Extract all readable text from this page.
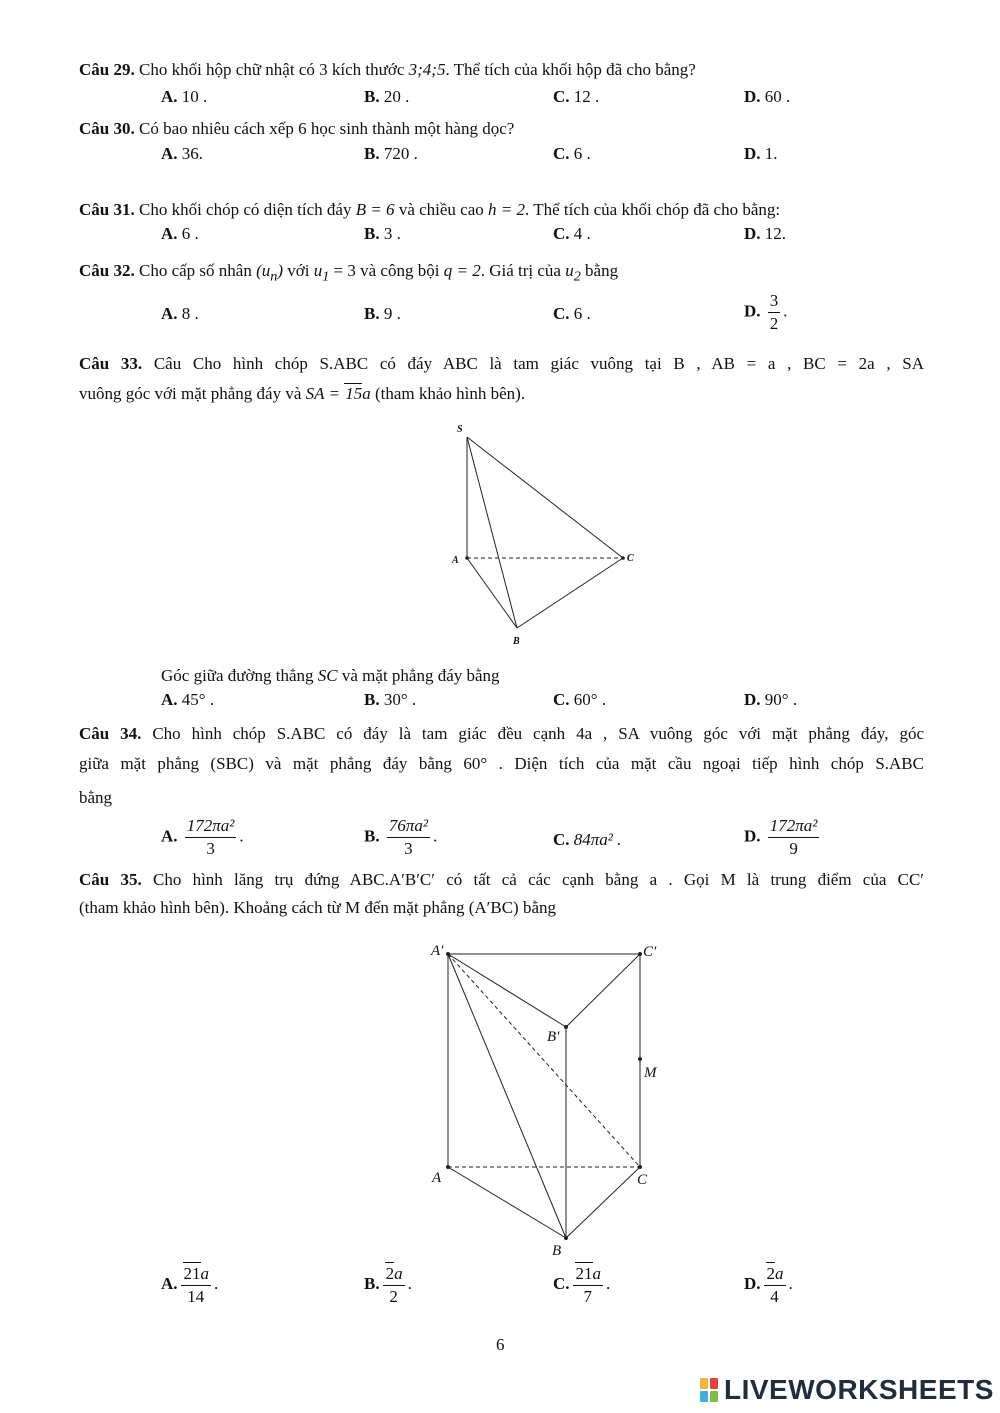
Câu 29. Cho khối hộp chữ nhật có 3 kích thước 3;4;5. Thể tích của khối hộp đã cho bằng?
A. 10 .	B. 20 .	C. 12 .	D. 60 .
Câu 30. Có bao nhiêu cách xếp 6 học sinh thành một hàng dọc?
A. 36.	B. 720 .	C. 6 .	D. 1.
Câu 31. Cho khối chóp có diện tích đáy B = 6 và chiều cao h = 2. Thể tích của khối chóp đã cho bằng:
A. 6 .	B. 3 .	C. 4 .	D. 12.
Câu 32. Cho cấp số nhân $(u_n)$ với $u_1 = 3$ và công bội q = 2. Giá trị của $u_2$ bằng
A. 8 .	B. 9 .	C. 6 .	D. $\frac{3}{2}$ .
Câu 33. Câu Cho hình chóp S.ABC có đáy ABC là tam giác vuông tại B , AB = a , BC = 2a , SA
vuông góc với mặt phẳng đáy và SA = 15a (tham khảo hình bên).
S
A	C
B
Góc giữa đường thẳng SC và mặt phẳng đáy bằng
A. 45° .	B. 30° .	C. 60° .	D. 90° .
Câu 34. Cho hình chóp S.ABC có đáy là tam giác đều cạnh 4a , SA vuông góc với mặt phẳng đáy, góc
giữa mặt phẳng (SBC) và mặt phẳng đáy bằng 60° . Diện tích của mặt cầu ngoại tiếp hình chóp S.ABC
bằng
A. $\frac{\text{172πa²}}{3}$ .	B. $\frac{\text{76πa²}}{3}$ .	C. 84πa² .	D. $\frac{\text{172πa²}}{9}$
Câu 35. Cho hình lăng trụ đứng ABC.A′B′C′ có tất cả các cạnh bằng a . Gọi M là trung điểm của CC′
(tham khảo hình bên). Khoảng cách từ M đến mặt phẳng (A′BC) bằng
A′	C′
B′
M
A	C
B
A. $\frac{21a}{14}$ .	B. $\frac{2a}{2}$ .	C. $\frac{21a}{7}$ .	D. $\frac{2a}{4}$ .
6
LIVEWORKSHEETS
